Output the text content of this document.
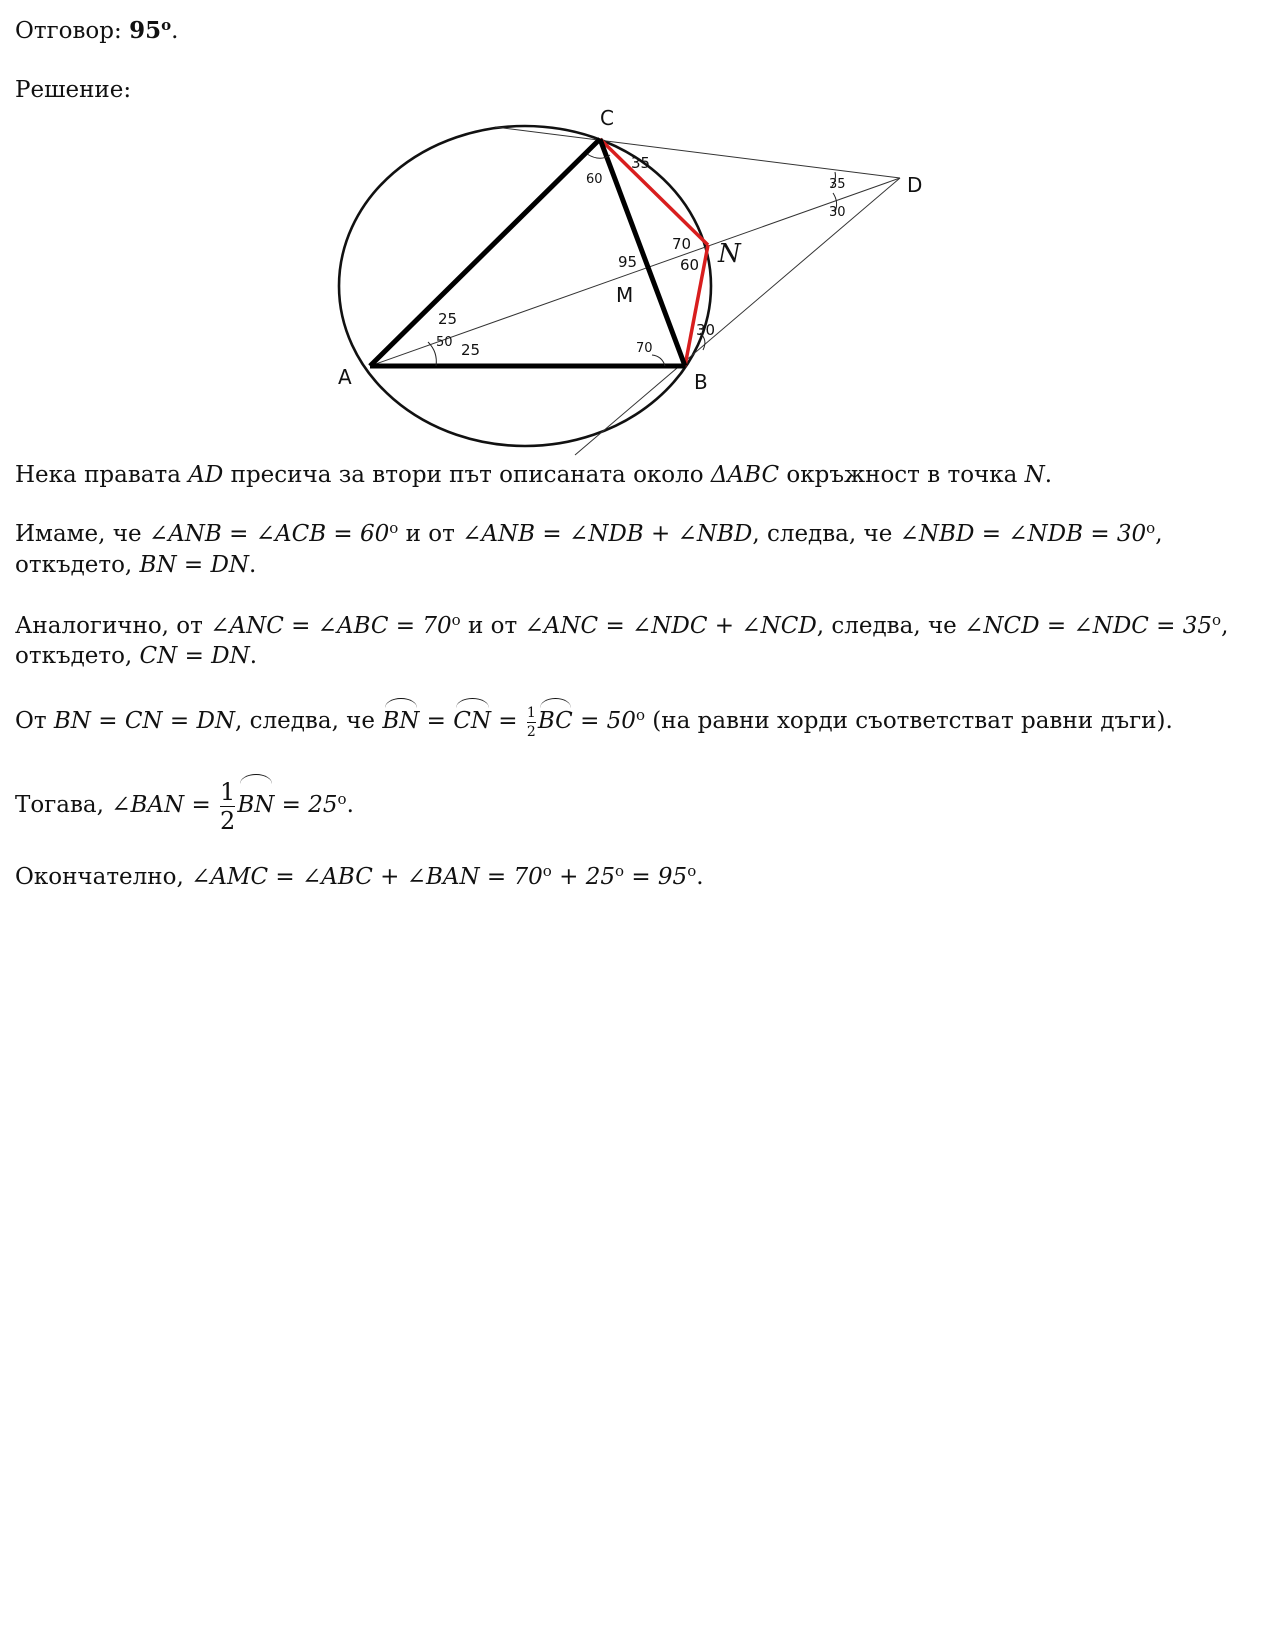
Отговор: 95$^o$.
Решение:
C
D
A	B
M
N
60
35
35
30
70
60
95
25
50 25	70
30
Нека правата AD пресича за втори път описаната около ΔABC окръжност в точка N.
Имаме, че ∠ANB = ∠ACB = $60^o$ и от ∠ANB = ∠NDB + ∠NBD, следва, че ∠NBD = ∠NDB = $30^o$,
откъдето, BN = DN.
Аналогично, от ∠ANC = ∠ABC = $70^o$ и от ∠ANC = ∠NDC + ∠NCD, следва, че ∠NCD = ∠NDC = $35^o$,
откъдето, CN = DN.
От BN = CN = DN, следва, че BN = CN = $\frac{1}{2}$ BC = $50^o$ (на равни хорди съответстват равни дъги).
Тогава, ∠BAN = $\frac{1}{2}$ BN = $25^o$.
Окончателно, ∠AMC = ∠ABC + ∠BAN = $70^o + 25^o = 95^o$.
